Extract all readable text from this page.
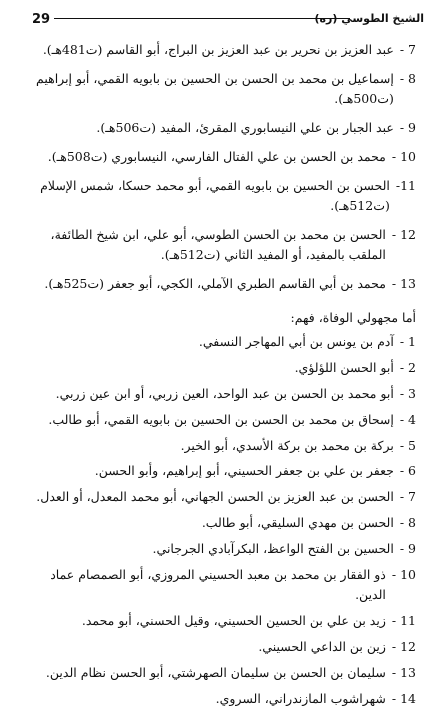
29	الشيخ الطوسي (ره)
7 -
عبد العزيز بن نحرير بن عبد العزيز بن البراج، أبو القاسم (ت481هـ).
8 -
إسماعيل بن محمد بن الحسن بن الحسين بن بابويه القمي، أبو إبراهيم (ت500هـ).
9 -
عبد الجبار بن علي النيسابوري المقرئ، المفيد (ت506هـ).
10 -
محمد بن الحسن بن علي الفتال الفارسي، النيسابوري (ت508هـ).
11-
الحسن بن الحسين بن بابويه القمي، أبو محمد حسكا، شمس الإسلام (ت512هـ).
12 -
الحسن بن محمد بن الحسن الطوسي، أبو علي، ابن شيخ الطائفة، الملقب بالمفيد، أو المفيد الثاني (ت512هـ).
13 -
محمد بن أبي القاسم الطبري الآملي، الكجي، أبو جعفر (ت525هـ).
أما مجهولي الوفاة، فهم:
1 -
آدم بن يونس بن أبي المهاجر النسفي.
2 -
أبو الحسن اللؤلؤي.
3 -
أبو محمد بن الحسن بن عبد الواحد، العين زربي، أو ابن عين زربي.
4 -
إسحاق بن محمد بن الحسن بن الحسين بن بابويه القمي، أبو طالب.
5 -
بركة بن محمد بن بركة الأسدي، أبو الخير.
6 -
جعفر بن علي بن جعفر الحسيني، أبو إبراهيم، وأبو الحسن.
7 -
الحسن بن عبد العزيز بن الحسن الجهاني، أبو محمد المعدل، أو العدل.
8 -
الحسن بن مهدي السليقي، أبو طالب.
9 -
الحسين بن الفتح الواعظ، البكرآبادي الجرجاني.
10 -
ذو الفقار بن محمد بن معبد الحسيني المروزي، أبو الصمصام عماد الدين.
11 -
زيد بن علي بن الحسين الحسيني، وقيل الحسني، أبو محمد.
12 -
زين بن الداعي الحسيني.
13 -
سليمان بن الحسن بن سليمان الصهرشتي، أبو الحسن نظام الدين.
14 -
شهراشوب المازندراني، السروي.
